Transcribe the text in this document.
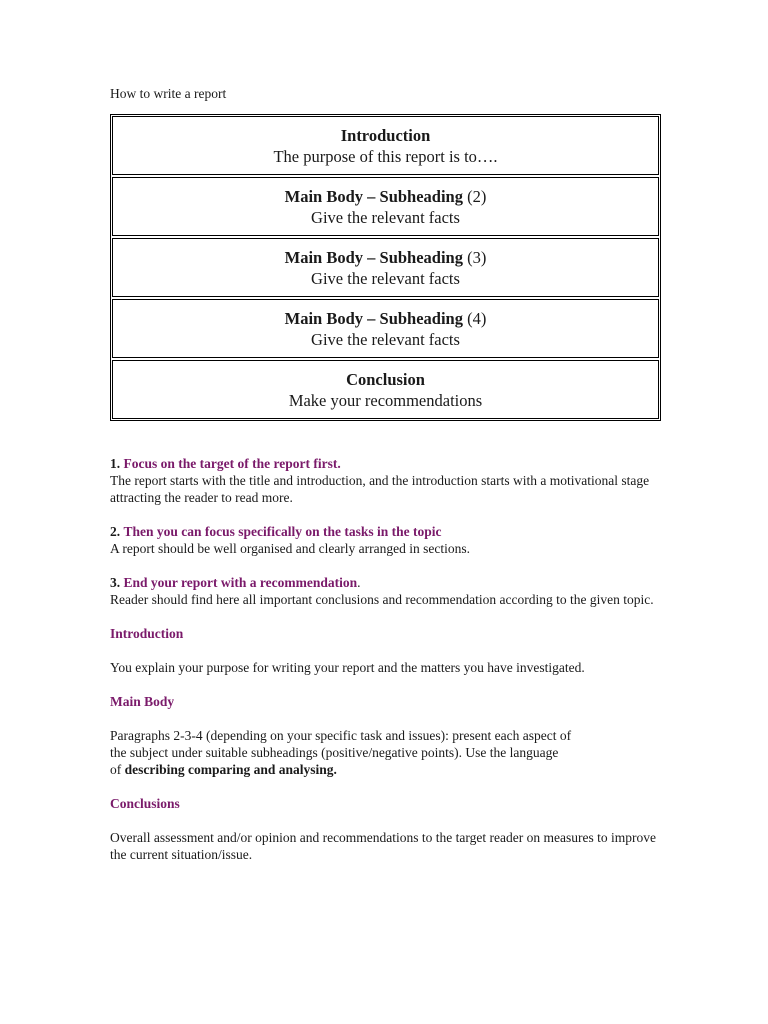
How to write a report
Introduction
The purpose of this report is to….
Main Body – Subheading (2)
Give the relevant facts
Main Body – Subheading (3)
Give the relevant facts
Main Body – Subheading (4)
Give the relevant facts
Conclusion
Make your recommendations
1. Focus on the target of the report first.
The report starts with the title and introduction, and the introduction starts with a motivational stage attracting the reader to read more.
2. Then you can focus specifically on the tasks in the topic
A report should be well organised and clearly arranged in sections.
3. End your report with a recommendation.
Reader should find here all important conclusions and recommendation according to the given topic.
Introduction
You explain your purpose for writing your report and the matters you have investigated.
Main Body
Paragraphs 2-3-4 (depending on your specific task and issues): present each aspect of
the subject under suitable subheadings (positive/negative points). Use the language
of describing comparing and analysing.
Conclusions
Overall assessment and/or opinion and recommendations to the target reader on measures to improve the current situation/issue.
